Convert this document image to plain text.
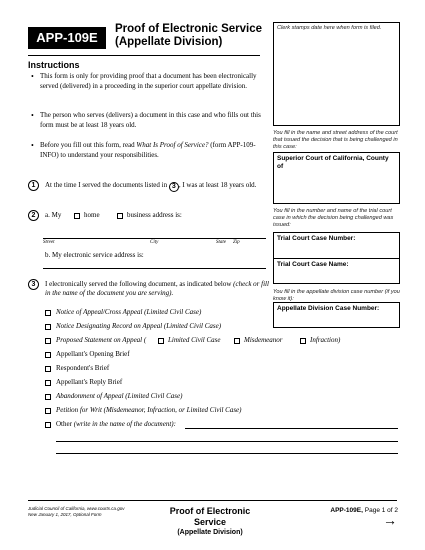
APP-109E
Proof of Electronic Service
(Appellate Division)
Clerk stamps date here when form is filed.
You fill in the name and street address of the court that issued the decision that is being challenged in this case:
Superior Court of California, County of
You fill in the number and name of the trial court case in which the decision being challenged was issued:
Trial Court Case Number:
Trial Court Case Name:
You fill in the appellate division case number (if you know it):
Appellate Division Case Number:
Instructions
• This form is only for providing proof that a document has been electronically served (delivered) in a proceeding in the superior court appellate division.
• The person who serves (delivers) a document in this case and who fills out this form must be at least 18 years old.
• Before you fill out this form, read What Is Proof of Service? (form APP-109-INFO) to understand your responsibilities.
1	At the time I served the documents listed in 3 , I was at least 18 years old.
2	a. My	home	business address is:
Street	City	State Zip
b. My electronic service address is:
3	I electronically served the following document, as indicated below (check or fill in the name of the document you are serving).
Notice of Appeal/Cross Appeal (Limited Civil Case)
Notice Designating Record on Appeal (Limited Civil Case)
Proposed Statement on Appeal (	Limited Civil Case	Misdemeanor	Infraction)
Appellant's Opening Brief
Respondent's Brief
Appellant's Reply Brief
Abandonment of Appeal (Limited Civil Case)
Petition for Writ (Misdemeanor, Infraction, or Limited Civil Case)
Other (write in the name of the document):
Judicial Council of California, www.courts.ca.gov
New January 1, 2017, Optional Form	Proof of Electronic Service
(Appellate Division)
APP-109E, Page 1 of 2
→
